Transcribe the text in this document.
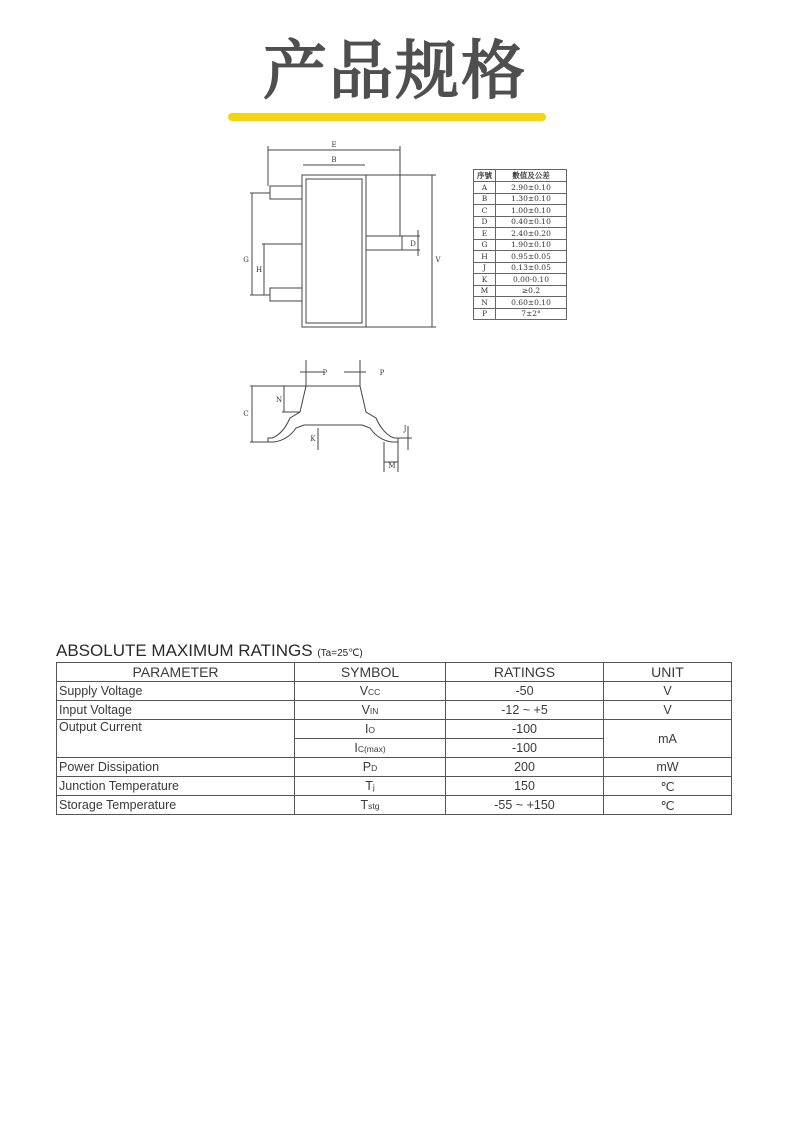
产品规格
E
B
G
H
D
V
P	P
N
C
K
J
M
序號	數值及公差
A	2.90±0.10
B	1.30±0.10
C	1.00±0.10
D	0.40±0.10
E	2.40±0.20
G	1.90±0.10
H	0.95±0.05
J	0.13±0.05
K	0.00-0.10
M	≥0.2
N	0.60±0.10
P	7±2°
ABSOLUTE MAXIMUM RATINGS (Ta=25℃)
PARAMETER	SYMBOL	RATINGS	UNIT
Supply Voltage	VCC	-50	V
Input Voltage	VIN	-12 ~ +5	V
Output Current	IO	-100	mA
	IC(max)	-100	
Power Dissipation	PD	200	mW
Junction Temperature	Tj	150	℃
Storage Temperature	Tstg	-55 ~ +150	℃
